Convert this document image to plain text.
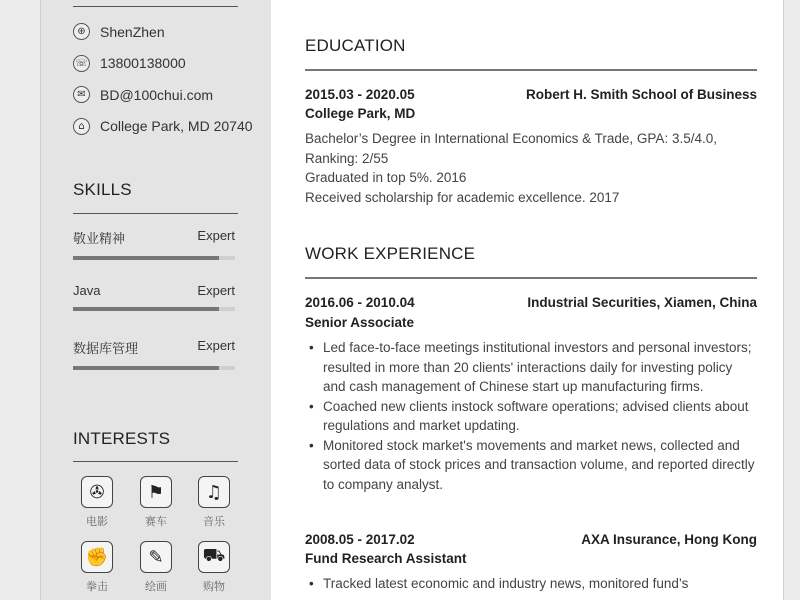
⊕	ShenZhen
☏ 13800138000
✉	BD@100chui.com
⌂	College Park, MD 20740
SKILLS
敬业精神	Expert
Java	Expert
数据库管理	Expert
INTERESTS
✇
电影
⚑
赛车
♫
音乐
✊
拳击
✎
绘画
⛟
购物
EDUCATION
2015.03 - 2020.05	Robert H. Smith School of Business
College Park, MD
Bachelor’s Degree in International Economics & Trade, GPA: 3.5/4.0,
Ranking: 2/55
Graduated in top 5%. 2016
Received scholarship for academic excellence. 2017
WORK EXPERIENCE
2016.06 - 2010.04	Industrial Securities, Xiamen, China
Senior Associate
• Led face-to-face meetings institutional investors and personal investors; resulted in more than 20 clients' interactions daily for investing policy and cash management of Chinese start up manufacturing firms.
• Coached new clients instock software operations; advised clients about regulations and market updating.
• Monitored stock market's movements and market news, collected and sorted data of stock prices and transaction volume, and reported directly to company analyst.
2008.05 - 2017.02	AXA Insurance, Hong Kong
Fund Research Assistant
• Tracked latest economic and industry news, monitored fund’s
